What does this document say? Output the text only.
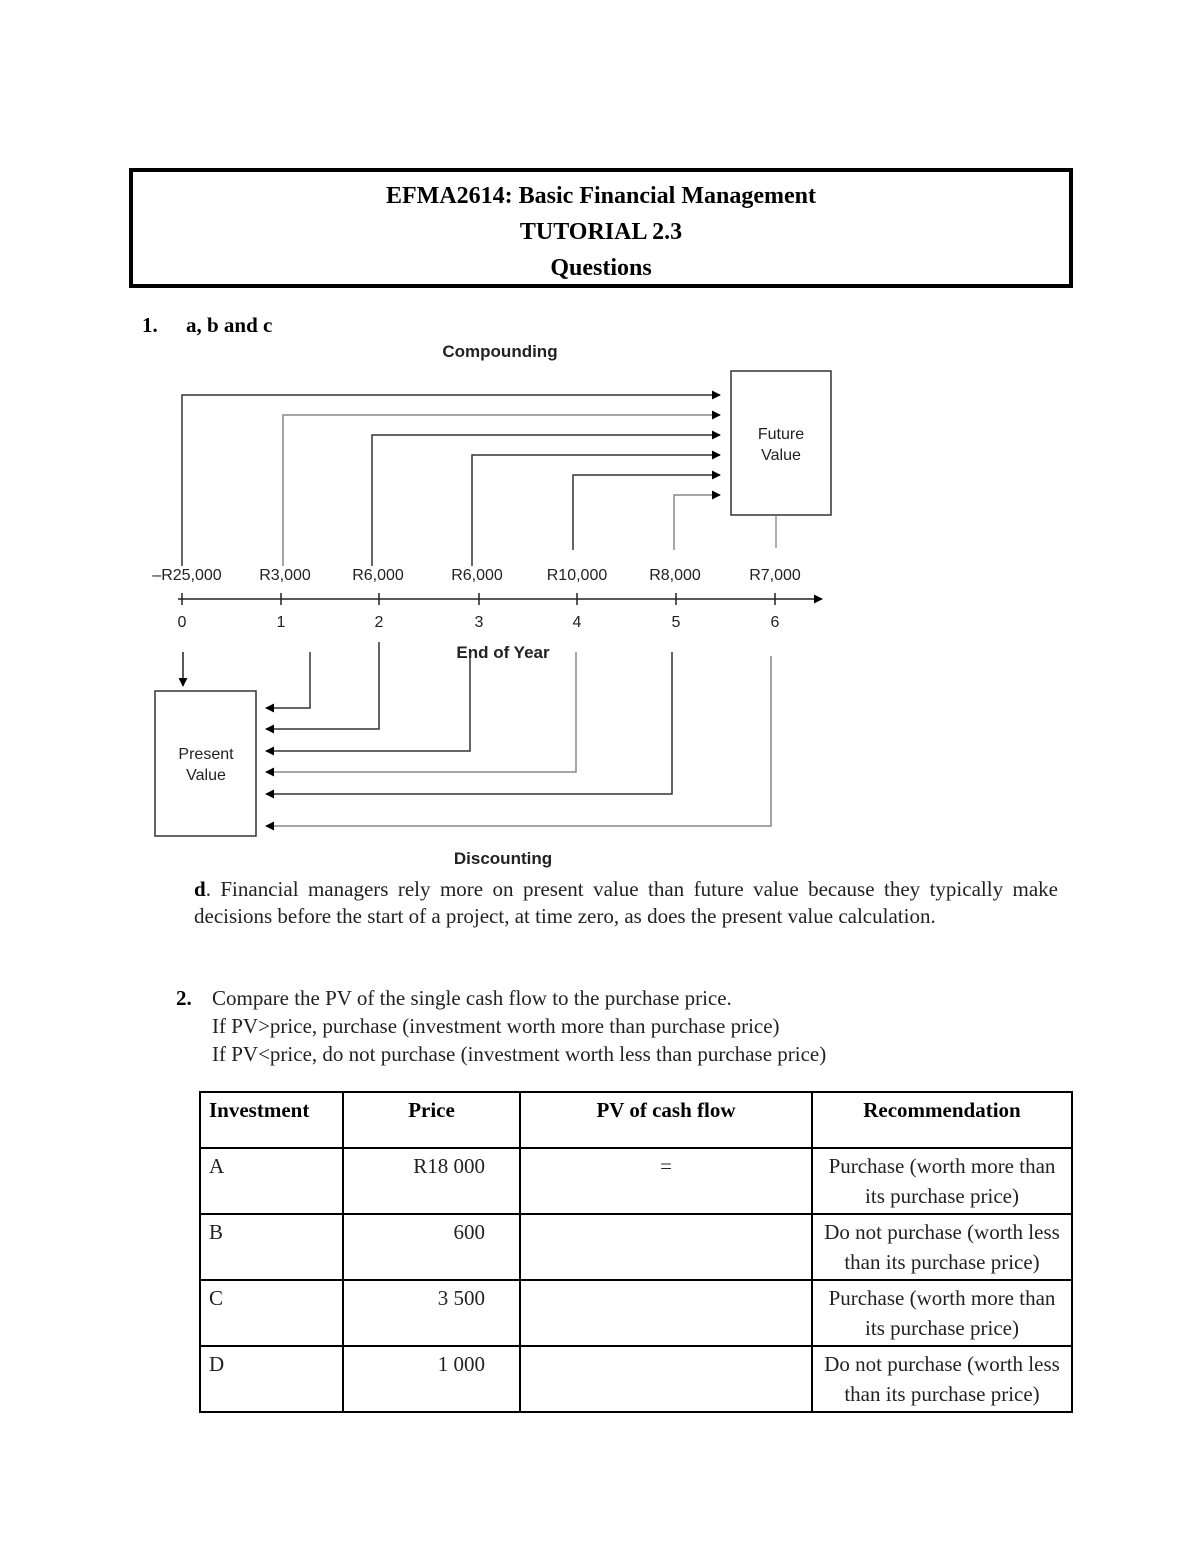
EFMA2614: Basic Financial Management
TUTORIAL 2.3
Questions
1. a, b and c
Compounding
Future
Value
–R25,000 R3,000	R6,000	R6,000	R10,000	R8,000	R7,000
0	1	2	3	4	5	6
End of Year
Present
Value
Discounting
d. Financial managers rely more on present value than future value because they typically make decisions before the start of a project, at time zero, as does the present value calculation.
2. Compare the PV of the single cash flow to the purchase price.
If PV>price, purchase (investment worth more than purchase price)
If PV<price, do not purchase (investment worth less than purchase price)
Investment	Price	PV of cash flow	Recommendation
A	R18 000	=	Purchase (worth more than its purchase price)
B	600		Do not purchase (worth less than its purchase price)
C	3 500		Purchase (worth more than its purchase price)
D	1 000		Do not purchase (worth less than its purchase price)
